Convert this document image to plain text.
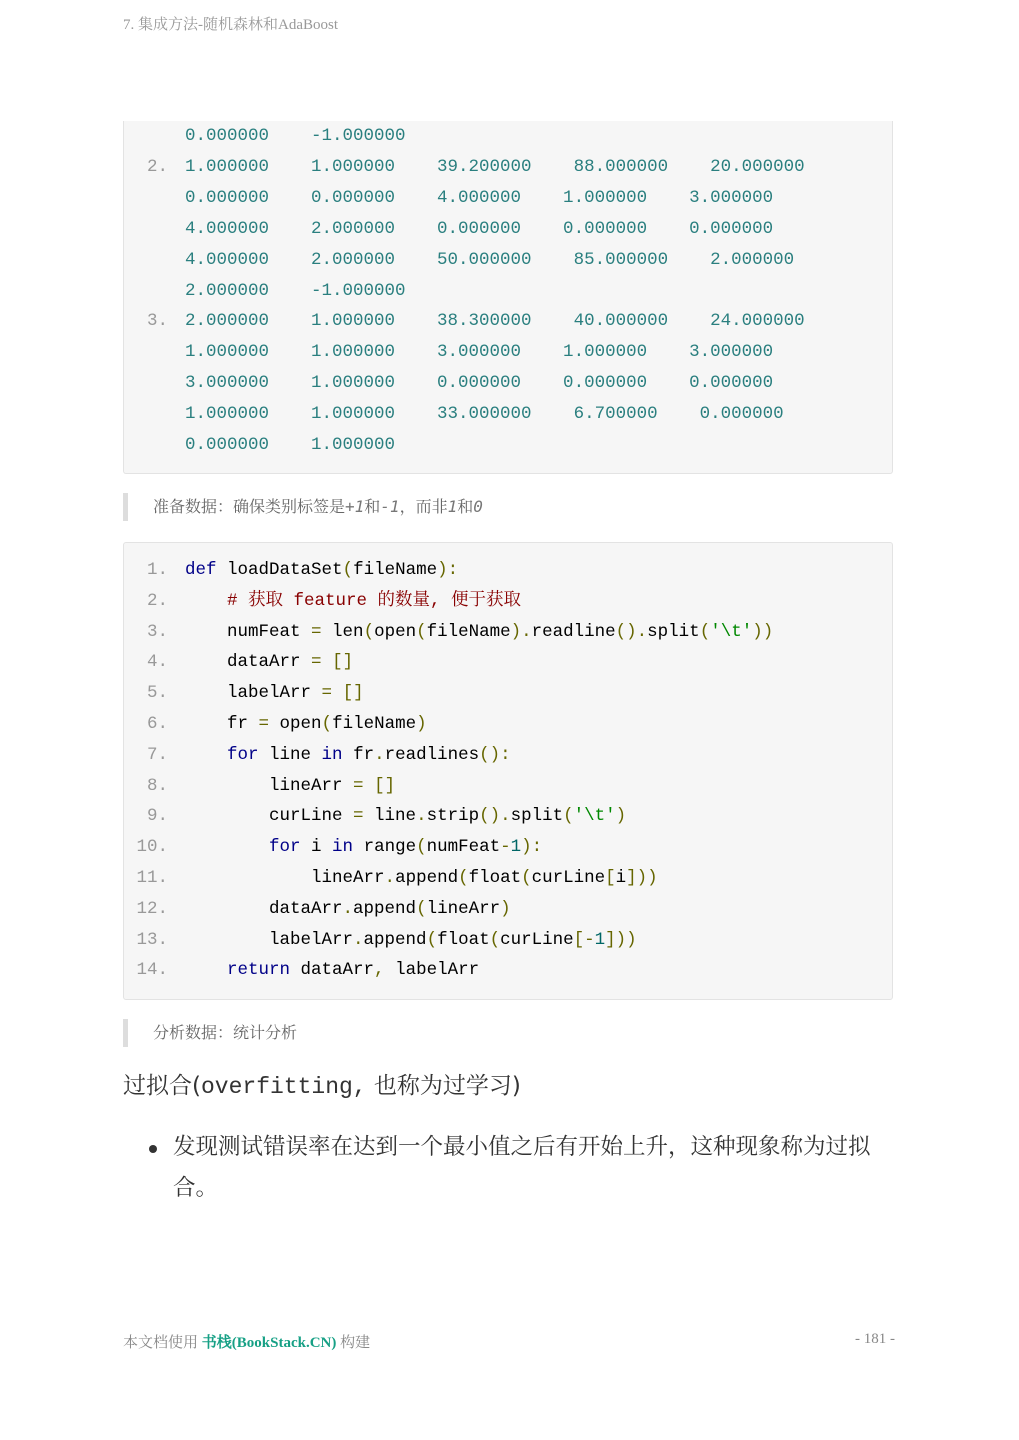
7. 集成方法-随机森林和AdaBoost
0.000000    -1.000000
2. 1.000000    1.000000    39.200000    88.000000    20.000000
0.000000    0.000000    4.000000    1.000000    3.000000
4.000000    2.000000    0.000000    0.000000    0.000000
4.000000    2.000000    50.000000    85.000000    2.000000
2.000000    -1.000000
3. 2.000000    1.000000    38.300000    40.000000    24.000000
1.000000    1.000000    3.000000    1.000000    3.000000
3.000000    1.000000    0.000000    0.000000    0.000000
1.000000    1.000000    33.000000    6.700000    0.000000
0.000000    1.000000
准备数据：确保类别标签是+1和-1，而非1和0
1. def loadDataSet(fileName):
2.	# 获取 feature 的数量, 便于获取
3. numFeat = len(open(fileName).readline().split('\t'))
4. dataArr = []
5. labelArr = []
6. fr = open(fileName)
7.	for line in fr.readlines():
8. lineArr = []
9. curLine = line.strip().split('\t')
10.	for i in range(numFeat-1):
11. lineArr.append(float(curLine[i]))
12. dataArr.append(lineArr)
13. labelArr.append(float(curLine[-1]))
14.	return dataArr, labelArr
分析数据：统计分析
过拟合(overfitting, 也称为过学习)
发现测试错误率在达到一个最小值之后有开始上升，这种现象称为过拟合。
本文档使用 书栈(BookStack.CN) 构建	- 181 -
